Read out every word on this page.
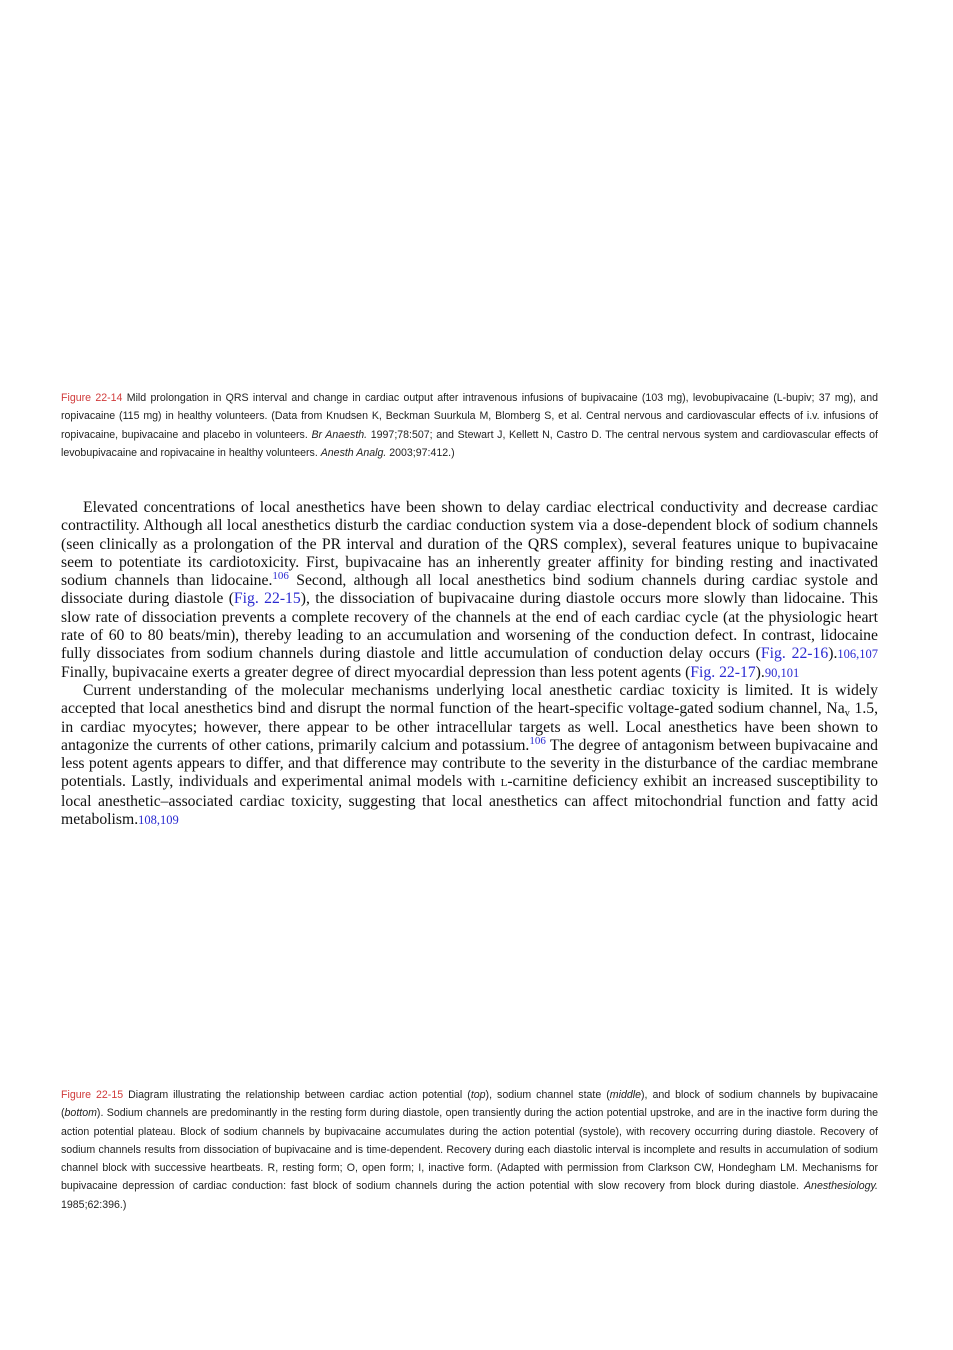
Figure 22-14 Mild prolongation in QRS interval and change in cardiac output after intravenous infusions of bupivacaine (103 mg), levobupivacaine (L-bupiv; 37 mg), and ropivacaine (115 mg) in healthy volunteers. (Data from Knudsen K, Beckman Suurkula M, Blomberg S, et al. Central nervous and cardiovascular effects of i.v. infusions of ropivacaine, bupivacaine and placebo in volunteers. Br Anaesth. 1997;78:507; and Stewart J, Kellett N, Castro D. The central nervous system and cardiovascular effects of levobupivacaine and ropivacaine in healthy volunteers. Anesth Analg. 2003;97:412.)

Elevated concentrations of local anesthetics have been shown to delay cardiac electrical conductivity and decrease cardiac contractility. Although all local anesthetics disturb the cardiac conduction system via a dose-dependent block of sodium channels (seen clinically as a prolongation of the PR interval and duration of the QRS complex), several features unique to bupivacaine seem to potentiate its cardiotoxicity. First, bupivacaine has an inherently greater affinity for binding resting and inactivated sodium channels than lidocaine.$^{106}$ Second, although all local anesthetics bind sodium channels during cardiac systole and dissociate during diastole (Fig. 22-15), the dissociation of bupivacaine during diastole occurs more slowly than lidocaine. This slow rate of dissociation prevents a complete recovery of the channels at the end of each cardiac cycle (at the physiologic heart rate of 60 to 80 beats/min), thereby leading to an accumulation and worsening of the conduction defect. In contrast, lidocaine fully dissociates from sodium channels during diastole and little accumulation of conduction delay occurs (Fig. 22-16).106,107 Finally, bupivacaine exerts a greater degree of direct myocardial depression than less potent agents (Fig. 22-17).90,101

Current understanding of the molecular mechanisms underlying local anesthetic cardiac toxicity is limited. It is widely accepted that local anesthetics bind and disrupt the normal function of the heart-specific voltage-gated sodium channel, $Na_v$ 1.5, in cardiac myocytes; however, there appear to be other intracellular targets as well. Local anesthetics have been shown to antagonize the currents of other cations, primarily calcium and potassium.$^{106}$ The degree of antagonism between bupivacaine and less potent agents appears to differ, and that difference may contribute to the severity in the disturbance of the cardiac membrane potentials. Lastly, individuals and experimental animal models with L-carnitine deficiency exhibit an increased susceptibility to local anesthetic–associated cardiac toxicity, suggesting that local anesthetics can affect mitochondrial function and fatty acid metabolism.108,109

Figure 22-15 Diagram illustrating the relationship between cardiac action potential (top), sodium channel state (middle), and block of sodium channels by bupivacaine (bottom). Sodium channels are predominantly in the resting form during diastole, open transiently during the action potential upstroke, and are in the inactive form during the action potential plateau. Block of sodium channels by bupivacaine accumulates during the action potential (systole), with recovery occurring during diastole. Recovery of sodium channels results from dissociation of bupivacaine and is time-dependent. Recovery during each diastolic interval is incomplete and results in accumulation of sodium channel block with successive heartbeats. R, resting form; O, open form; I, inactive form. (Adapted with permission from Clarkson CW, Hondegham LM. Mechanisms for bupivacaine depression of cardiac conduction: fast block of sodium channels during the action potential with slow recovery from block during diastole. Anesthesiology. 1985;62:396.)
